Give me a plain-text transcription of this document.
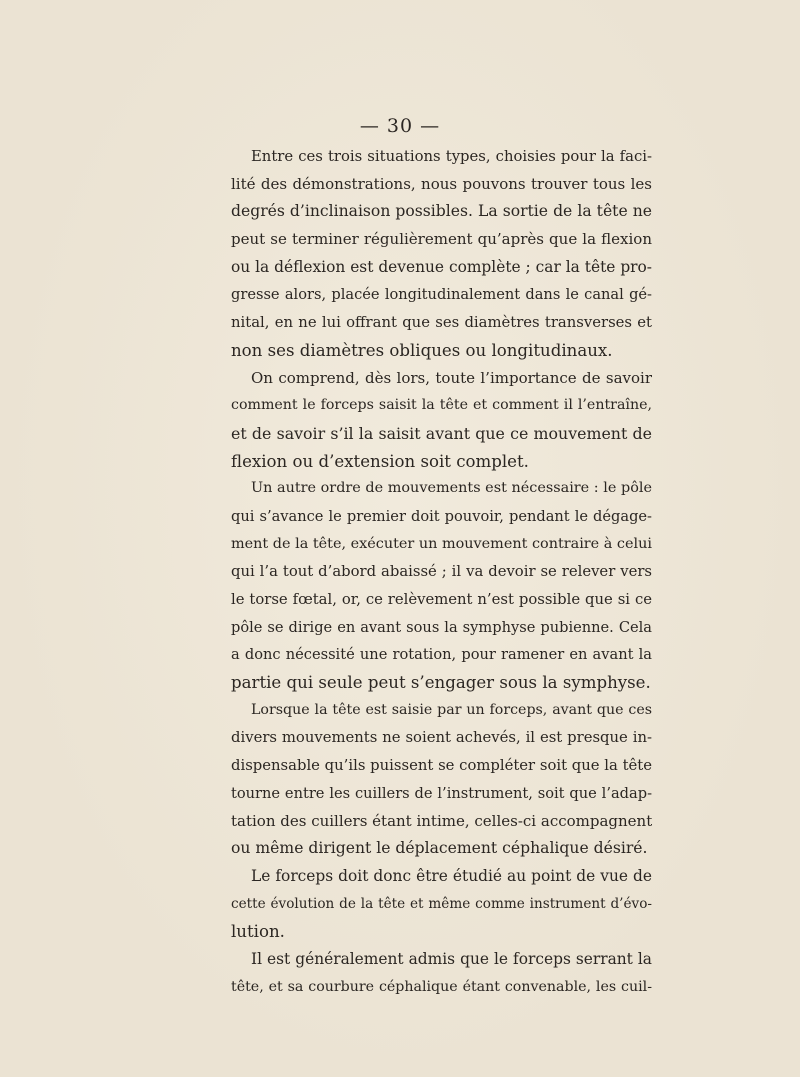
— 30 —
Entre ces trois situations types, choisies pour la faci-
lité des démonstrations, nous pouvons trouver tous les
degrés d’inclinaison possibles. La sortie de la tête ne
peut se terminer régulièrement qu’après que la flexion
ou la déflexion est devenue complète ; car la tête pro-
gresse alors, placée longitudinalement dans le canal gé-
nital, en ne lui offrant que ses diamètres transverses et
non ses diamètres obliques ou longitudinaux.
On comprend, dès lors, toute l’importance de savoir
comment le forceps saisit la tête et comment il l’entraîne,
et de savoir s’il la saisit avant que ce mouvement de
flexion ou d’extension soit complet.
Un autre ordre de mouvements est nécessaire : le pôle
qui s’avance le premier doit pouvoir, pendant le dégage-
ment de la tête, exécuter un mouvement contraire à celui
qui l’a tout d’abord abaissé ; il va devoir se relever vers
le torse fœtal, or, ce relèvement n’est possible que si ce
pôle se dirige en avant sous la symphyse pubienne. Cela
a donc nécessité une rotation, pour ramener en avant la
partie qui seule peut s’engager sous la symphyse.
Lorsque la tête est saisie par un forceps, avant que ces
divers mouvements ne soient achevés, il est presque in-
dispensable qu’ils puissent se compléter soit que la tête
tourne entre les cuillers de l’instrument, soit que l’adap-
tation des cuillers étant intime, celles-ci accompagnent
ou même dirigent le déplacement céphalique désiré.
Le forceps doit donc être étudié au point de vue de
cette évolution de la tête et même comme instrument d’évo-
lution.
Il est généralement admis que le forceps serrant la
tête, et sa courbure céphalique étant convenable, les cuil-
